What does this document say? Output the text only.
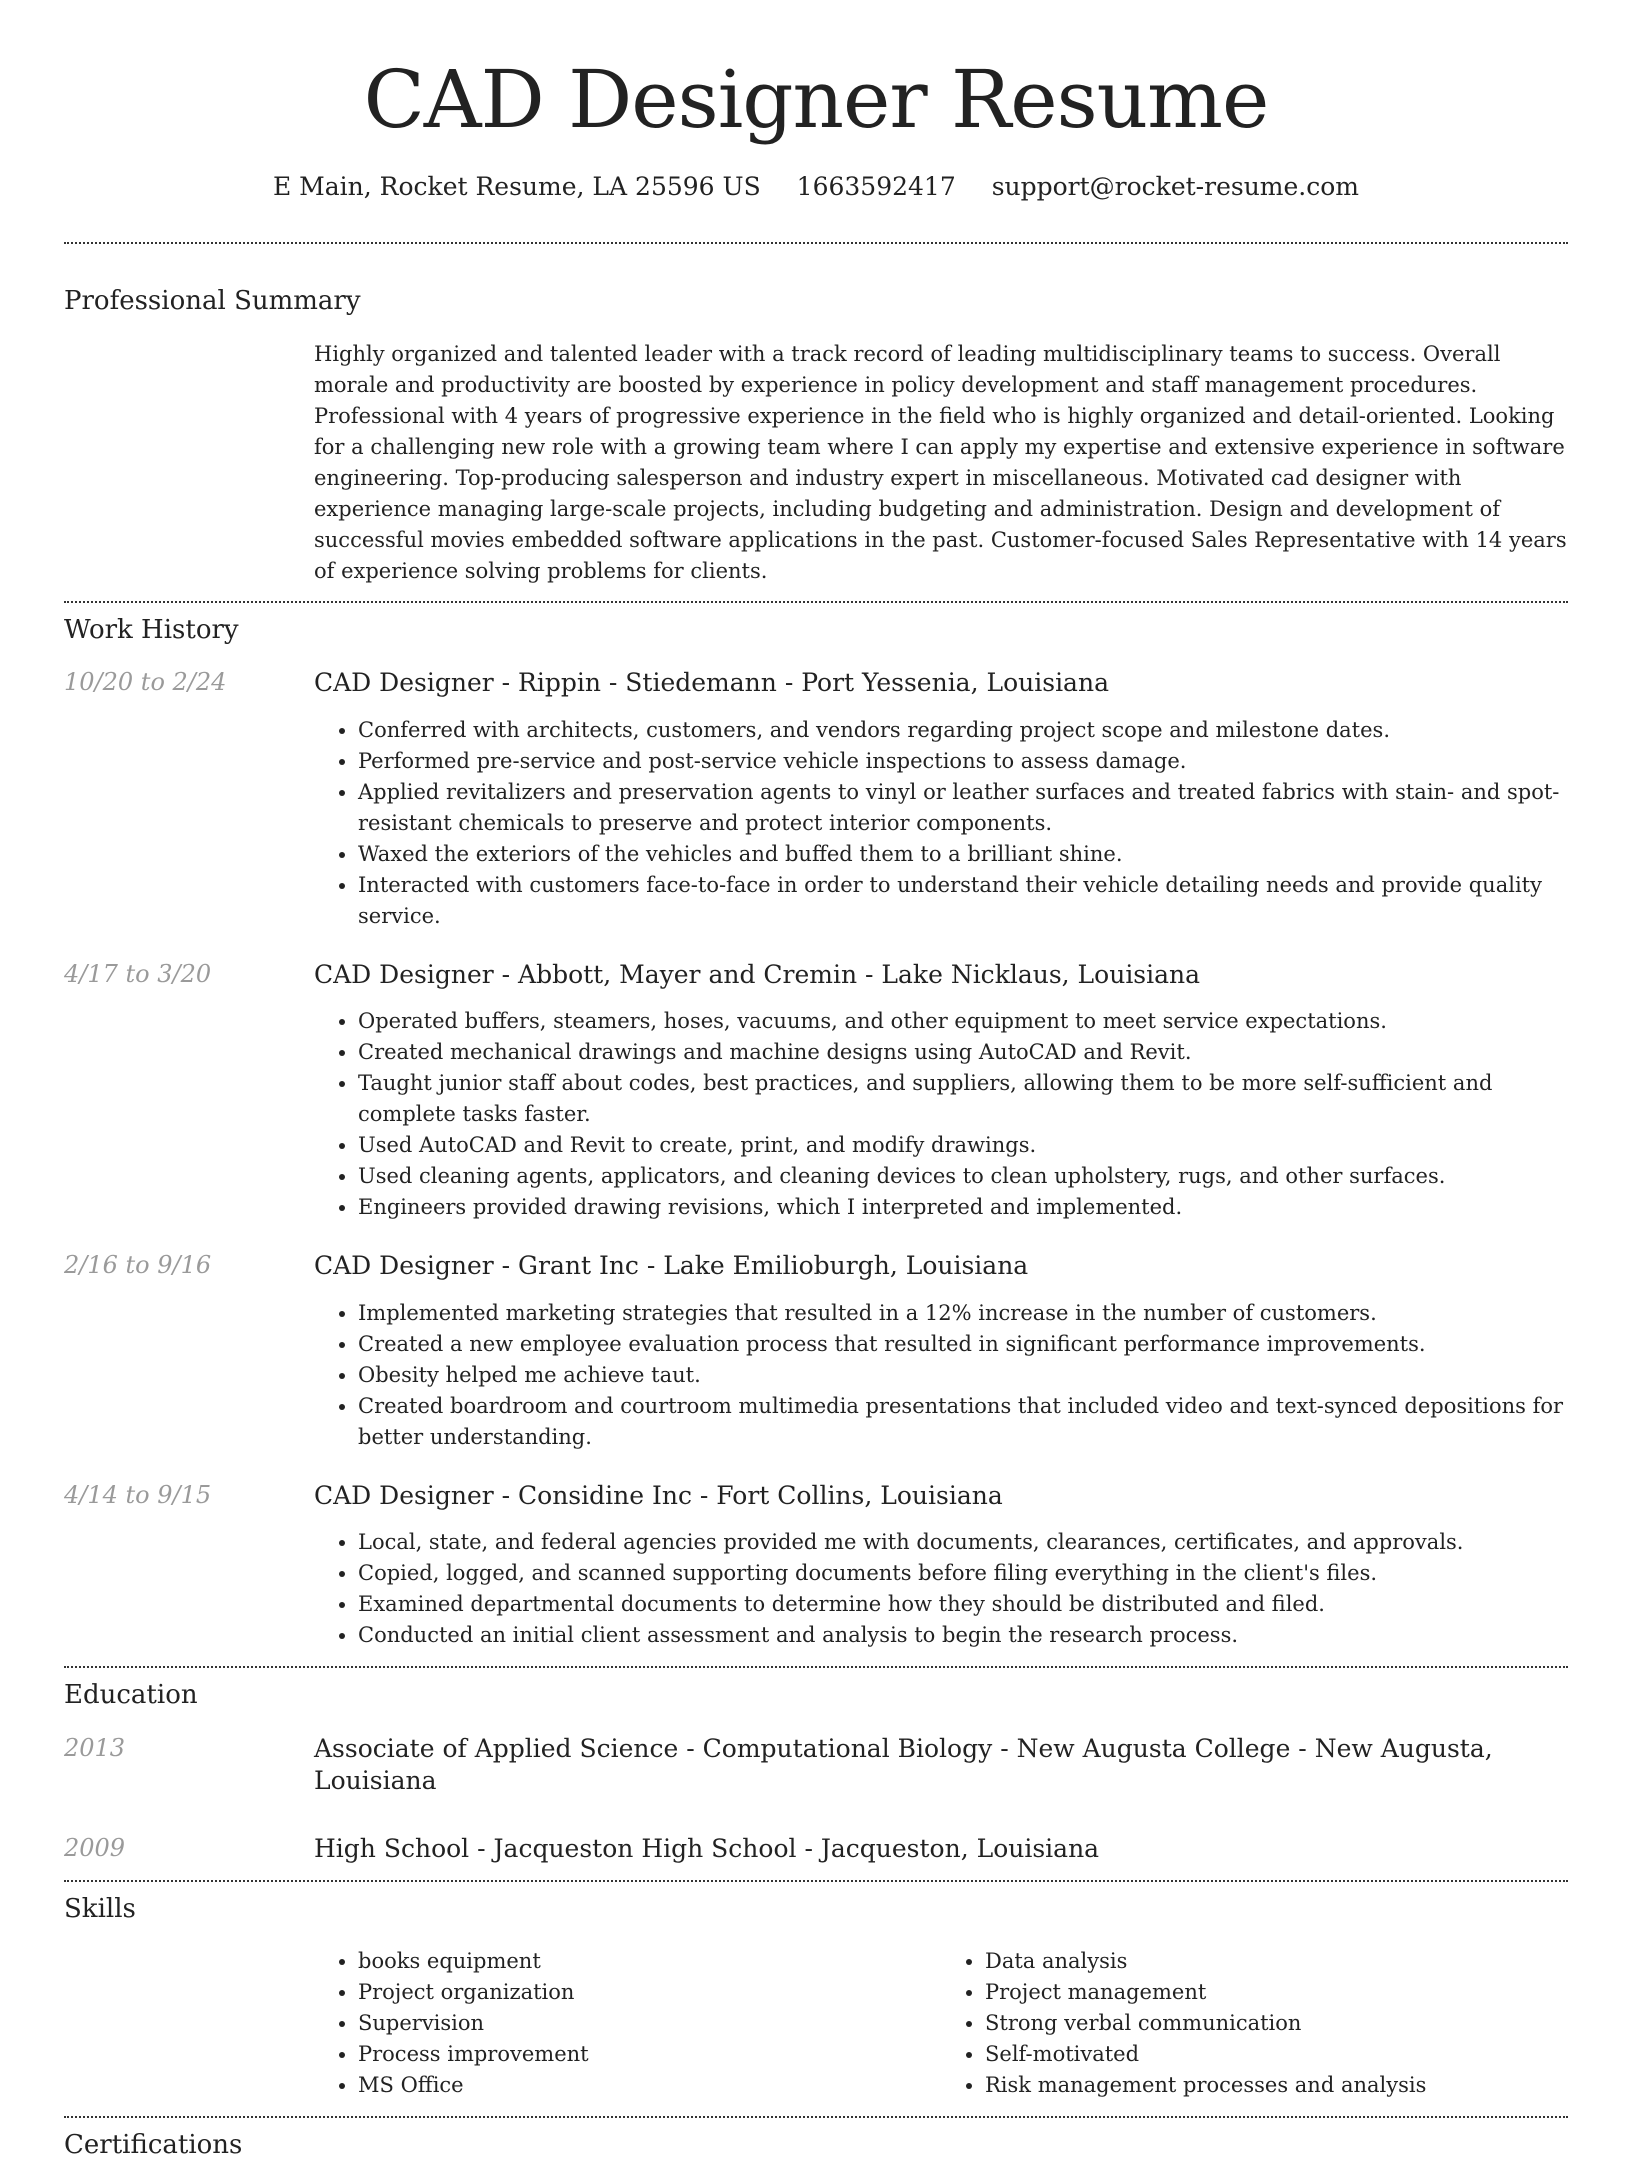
CAD Designer Resume
E Main, Rocket Resume, LA 25596 US 1663592417 support@rocket-resume.com
Professional Summary

Highly organized and talented leader with a track record of leading multidisciplinary teams to success. Overall morale and productivity are boosted by experience in policy development and staff management procedures. Professional with 4 years of progressive experience in the field who is highly organized and detail-oriented. Looking for a challenging new role with a growing team where I can apply my expertise and extensive experience in software engineering. Top-producing salesperson and industry expert in miscellaneous. Motivated cad designer with experience managing large-scale projects, including budgeting and administration. Design and development of successful movies embedded software applications in the past. Customer-focused Sales Representative with 14 years of experience solving problems for clients.

Work History
10/20 to 2/24	CAD Designer - Rippin - Stiedemann - Port Yessenia, Louisiana
• Conferred with architects, customers, and vendors regarding project scope and milestone dates.
• Performed pre-service and post-service vehicle inspections to assess damage.
• Applied revitalizers and preservation agents to vinyl or leather surfaces and treated fabrics with stain- and spot-resistant chemicals to preserve and protect interior components.
• Waxed the exteriors of the vehicles and buffed them to a brilliant shine.
• Interacted with customers face-to-face in order to understand their vehicle detailing needs and provide quality service.
4/17 to 3/20	CAD Designer - Abbott, Mayer and Cremin - Lake Nicklaus, Louisiana
• Operated buffers, steamers, hoses, vacuums, and other equipment to meet service expectations.
• Created mechanical drawings and machine designs using AutoCAD and Revit.
• Taught junior staff about codes, best practices, and suppliers, allowing them to be more self-sufficient and complete tasks faster.
• Used AutoCAD and Revit to create, print, and modify drawings.
• Used cleaning agents, applicators, and cleaning devices to clean upholstery, rugs, and other surfaces.
• Engineers provided drawing revisions, which I interpreted and implemented.
2/16 to 9/16	CAD Designer - Grant Inc - Lake Emilioburgh, Louisiana
• Implemented marketing strategies that resulted in a 12% increase in the number of customers.
• Created a new employee evaluation process that resulted in significant performance improvements.
• Obesity helped me achieve taut.
• Created boardroom and courtroom multimedia presentations that included video and text-synced depositions for better understanding.
4/14 to 9/15	CAD Designer - Considine Inc - Fort Collins, Louisiana
• Local, state, and federal agencies provided me with documents, clearances, certificates, and approvals.
• Copied, logged, and scanned supporting documents before filing everything in the client's files.
• Examined departmental documents to determine how they should be distributed and filed.
• Conducted an initial client assessment and analysis to begin the research process.
Education
2013	Associate of Applied Science - Computational Biology - New Augusta College - New Augusta, Louisiana
2009	High School - Jacqueston High School - Jacqueston, Louisiana
Skills
• books equipment
• Project organization
• Supervision
• Process improvement
• MS Office
• Data analysis
• Project management
• Strong verbal communication
• Self-motivated
• Risk management processes and analysis
Certifications
